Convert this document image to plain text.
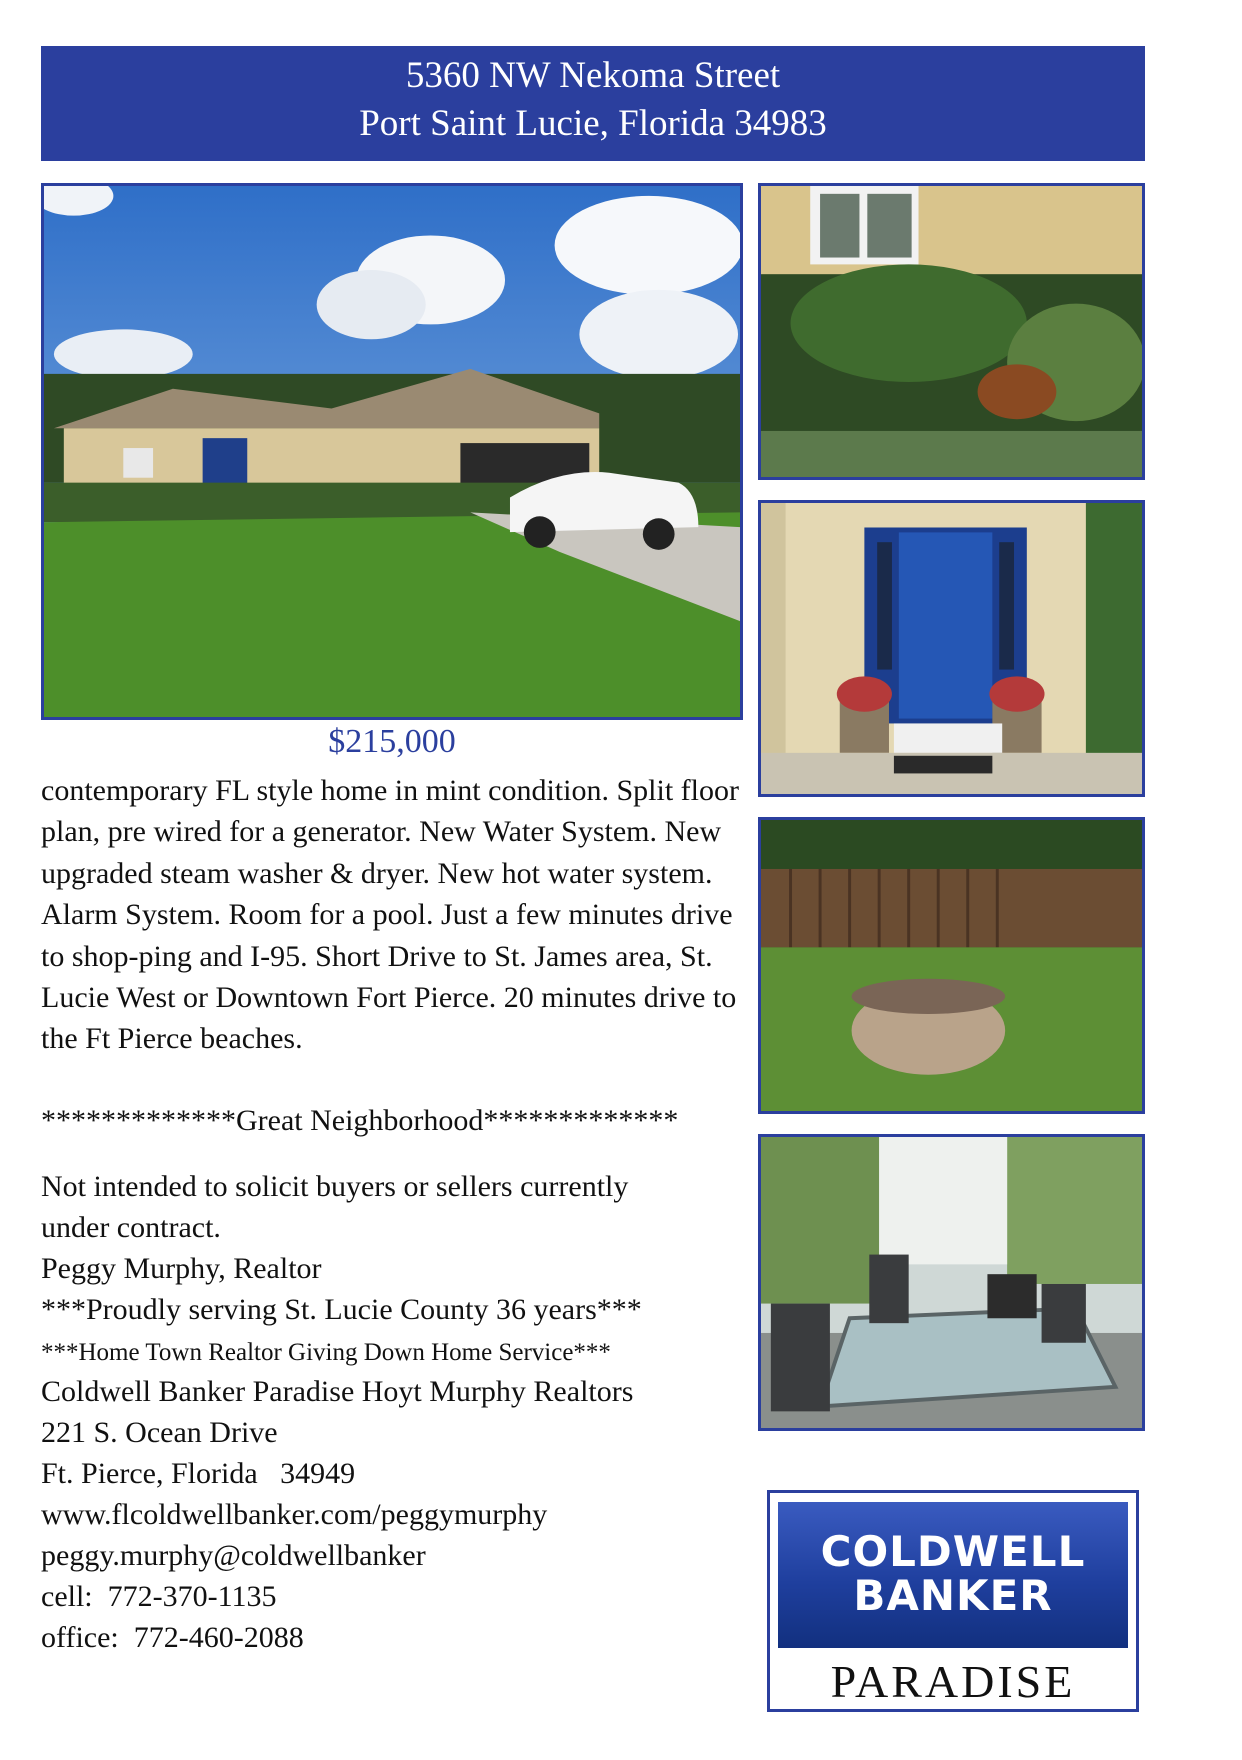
5360 NW Nekoma Street
Port Saint Lucie, Florida 34983
$215,000

contemporary FL style home in mint condition. Split floor plan, pre wired for a generator. New Water System. New upgraded steam washer & dryer. New hot water system. Alarm System. Room for a pool. Just a few minutes drive to shop-ping and I-95. Short Drive to St. James area, St. Lucie West or Downtown Fort Pierce. 20 minutes drive to the Ft Pierce beaches.

*************Great Neighborhood*************
Not intended to solicit buyers or sellers currently
under contract.
Peggy Murphy, Realtor
***Proudly serving St. Lucie County 36 years***
***Home Town Realtor Giving Down Home Service***
Coldwell Banker Paradise Hoyt Murphy Realtors
221 S. Ocean Drive
Ft. Pierce, Florida   34949
www.flcoldwellbanker.com/peggymurphy
peggy.murphy@coldwellbanker
cell:  772-370-1135
office:  772-460-2088
COLDWELL
BANKER
PARADISE
